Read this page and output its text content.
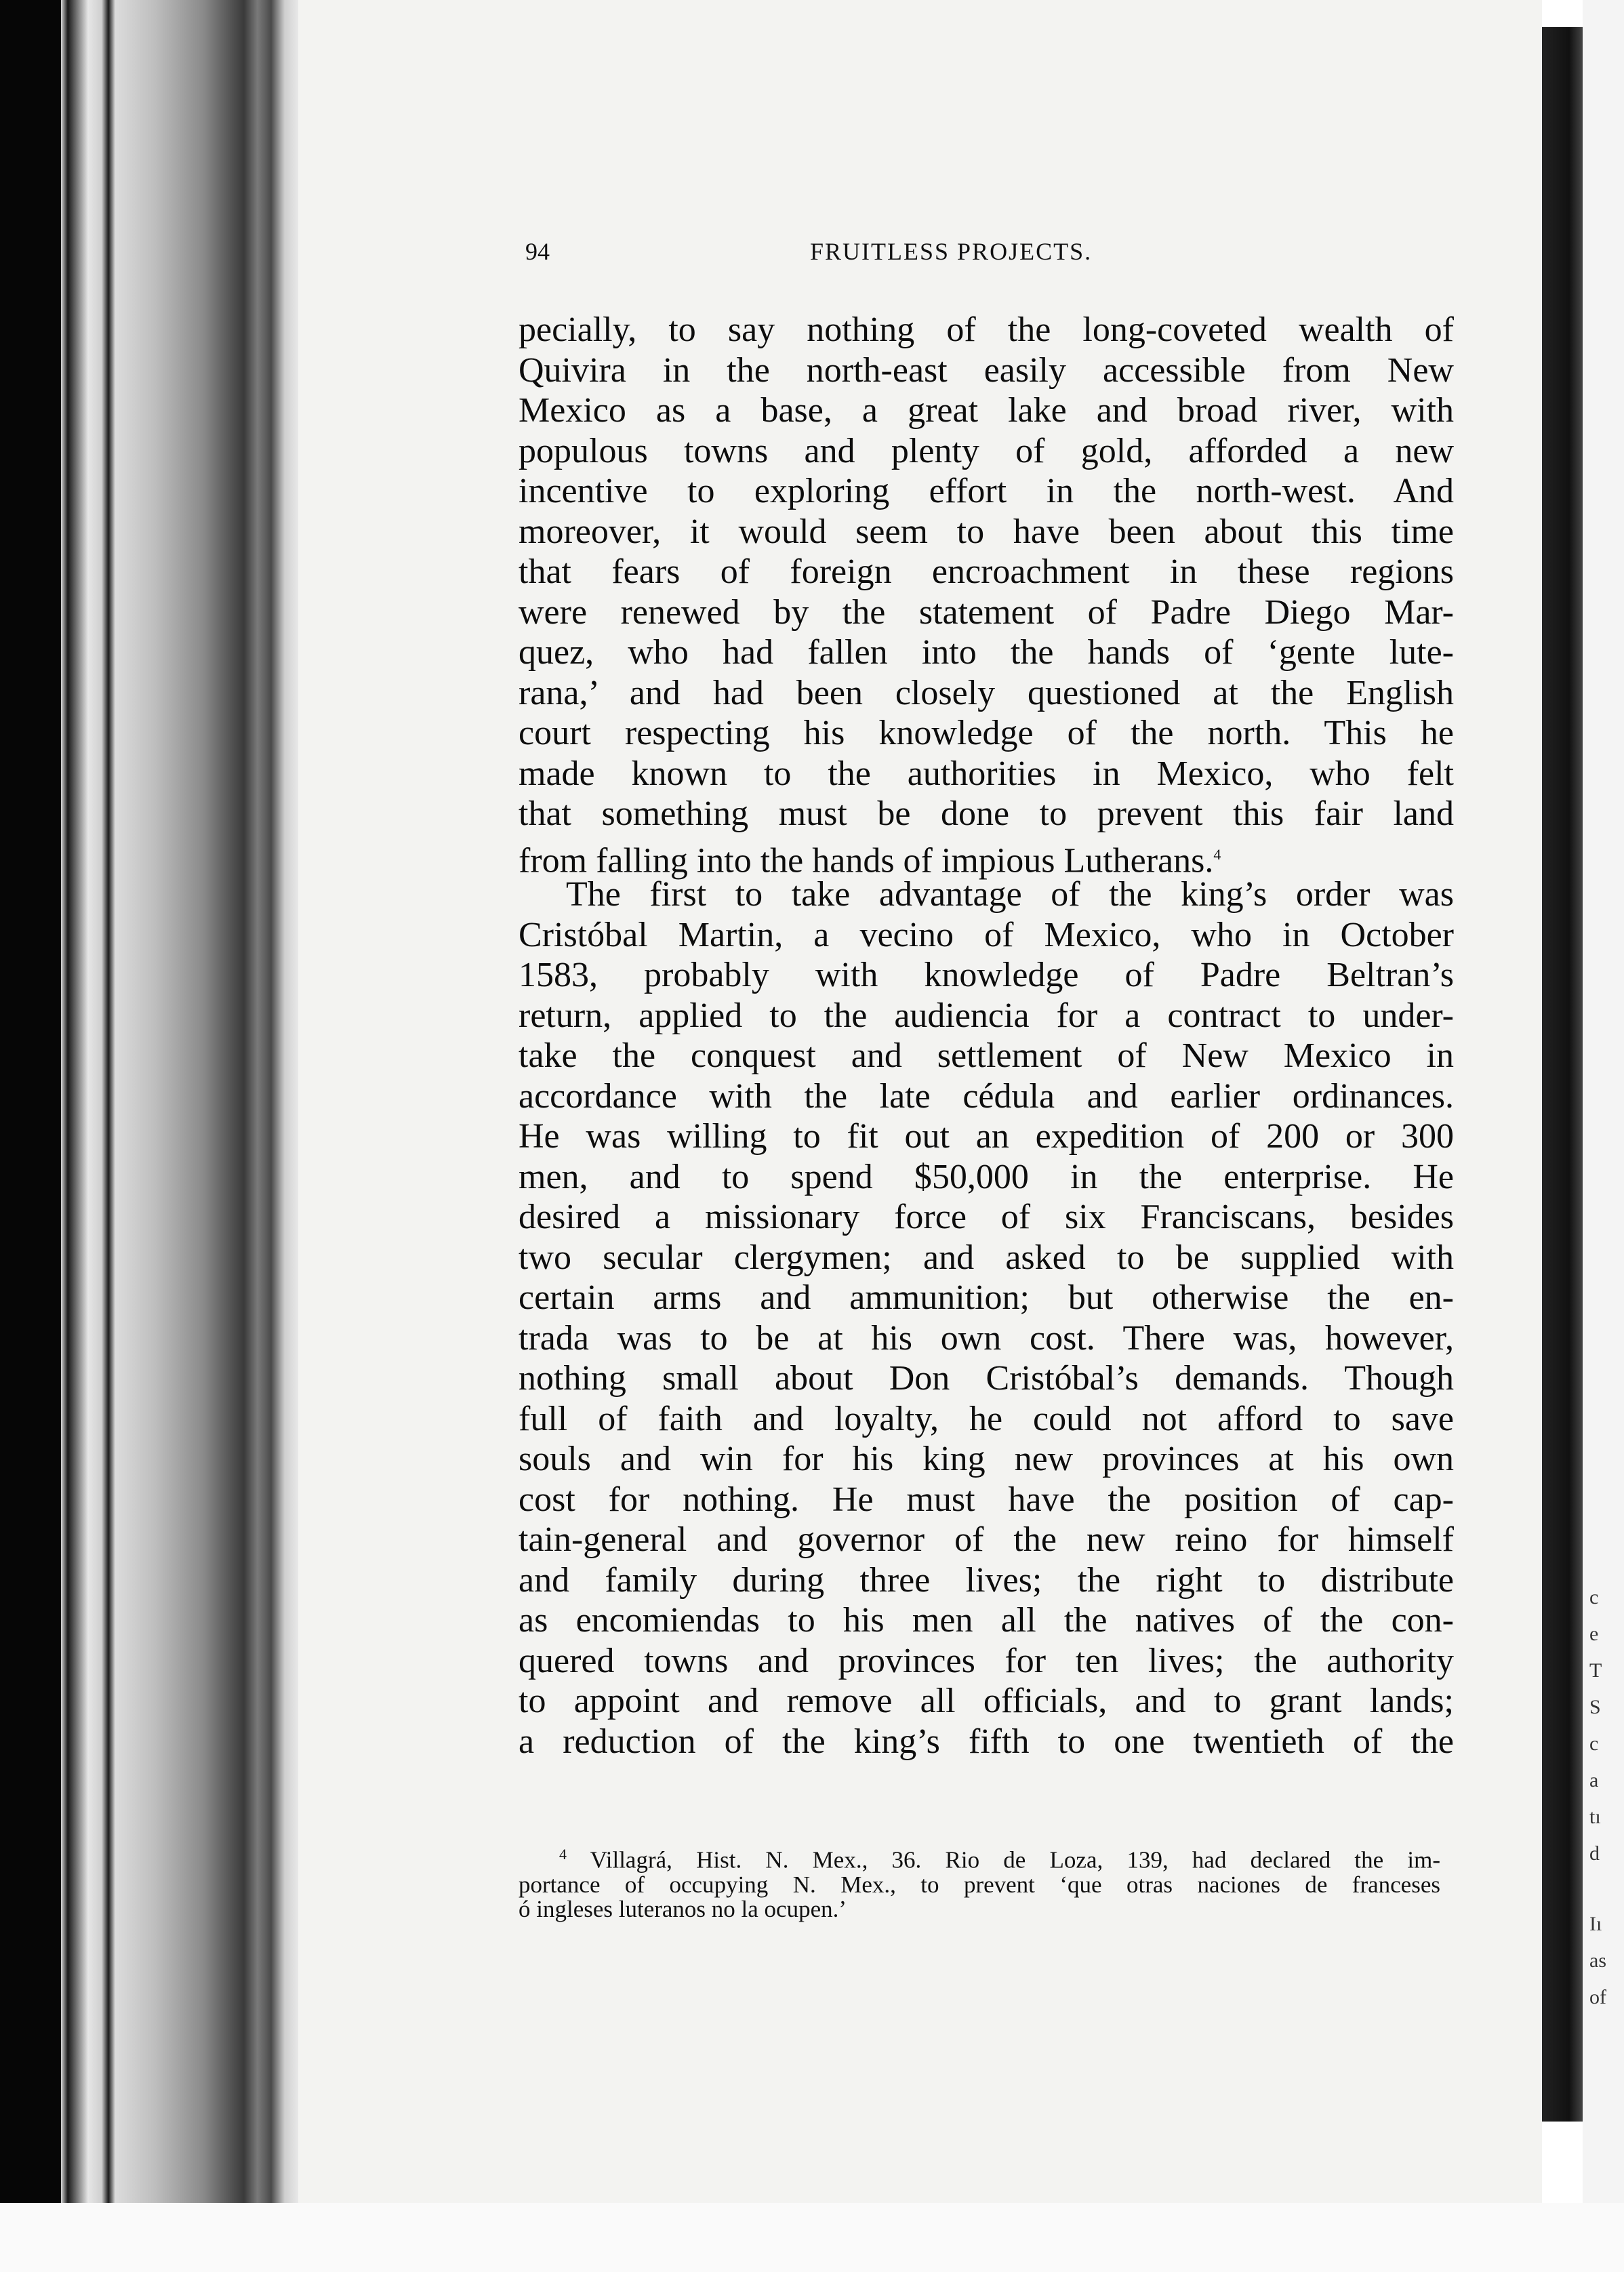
94	FRUITLESS PROJECTS.
pecially, to say nothing of the long-coveted wealth of
Quivira in the north-east easily accessible from New
Mexico as a base, a great lake and broad river, with
populous towns and plenty of gold, afforded a new
incentive to exploring effort in the north-west. And
moreover, it would seem to have been about this time
that fears of foreign encroachment in these regions
were renewed by the statement of Padre Diego Mar-
quez, who had fallen into the hands of ‘gente lute-
rana,’ and had been closely questioned at the English
court respecting his knowledge of the north. This he
made known to the authorities in Mexico, who felt
that something must be done to prevent this fair land
from falling into the hands of impious Lutherans.$^4$
The first to take advantage of the king’s order was
Cristóbal Martin, a vecino of Mexico, who in October
1583, probably with knowledge of Padre Beltran’s
return, applied to the audiencia for a contract to under-
take the conquest and settlement of New Mexico in
accordance with the late cédula and earlier ordinances.
He was willing to fit out an expedition of 200 or 300
men, and to spend $50,000 in the enterprise. He
desired a missionary force of six Franciscans, besides
two secular clergymen; and asked to be supplied with
certain arms and ammunition; but otherwise the en-
trada was to be at his own cost. There was, however,
nothing small about Don Cristóbal’s demands. Though
full of faith and loyalty, he could not afford to save
souls and win for his king new provinces at his own
cost for nothing. He must have the position of cap-
tain-general and governor of the new reino for himself
and family during three lives; the right to distribute
as encomiendas to his men all the natives of the con-
quered towns and provinces for ten lives; the authority
to appoint and remove all officials, and to grant lands;
a reduction of the king’s fifth to one twentieth of the
$^4$ Villagrá, Hist. N. Mex., 36. Rio de Loza, 139, had declared the im-
portance of occupying N. Mex., to prevent ‘que otras naciones de franceses
ó ingleses luteranos no la ocupen.’
c
e
T
S
c
a
tı
d
Iı
as
of
